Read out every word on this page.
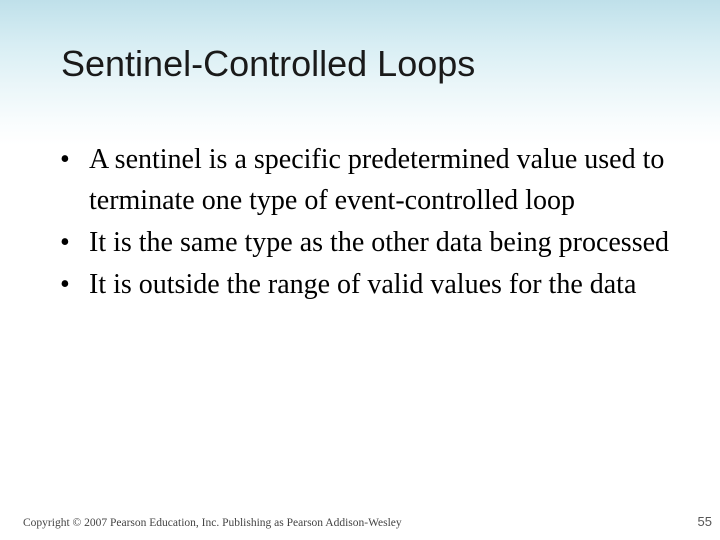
Sentinel-Controlled Loops
• A sentinel is a specific predetermined value used to terminate one type of event-controlled loop
• It is the same type as the other data being processed
• It is outside the range of valid values for the data
Copyright © 2007 Pearson Education, Inc. Publishing as Pearson Addison-Wesley	55
